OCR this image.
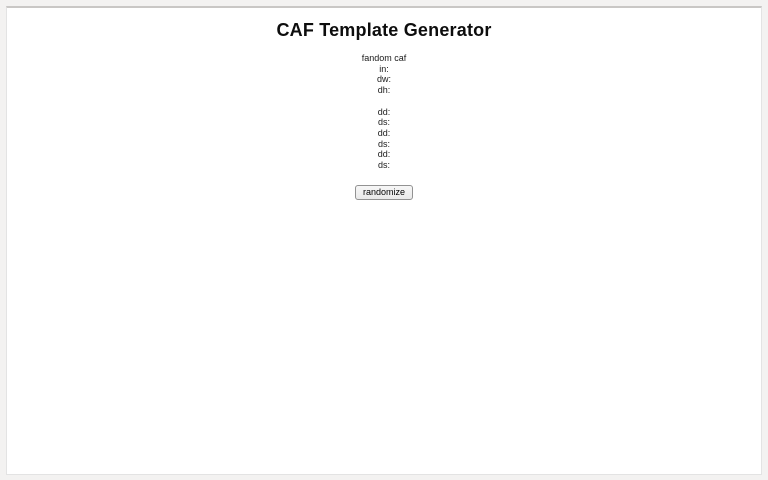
CAF Template Generator
fandom caf
in:
dw:
dh:
dd:
ds:
dd:
ds:
dd:
ds:
randomize
